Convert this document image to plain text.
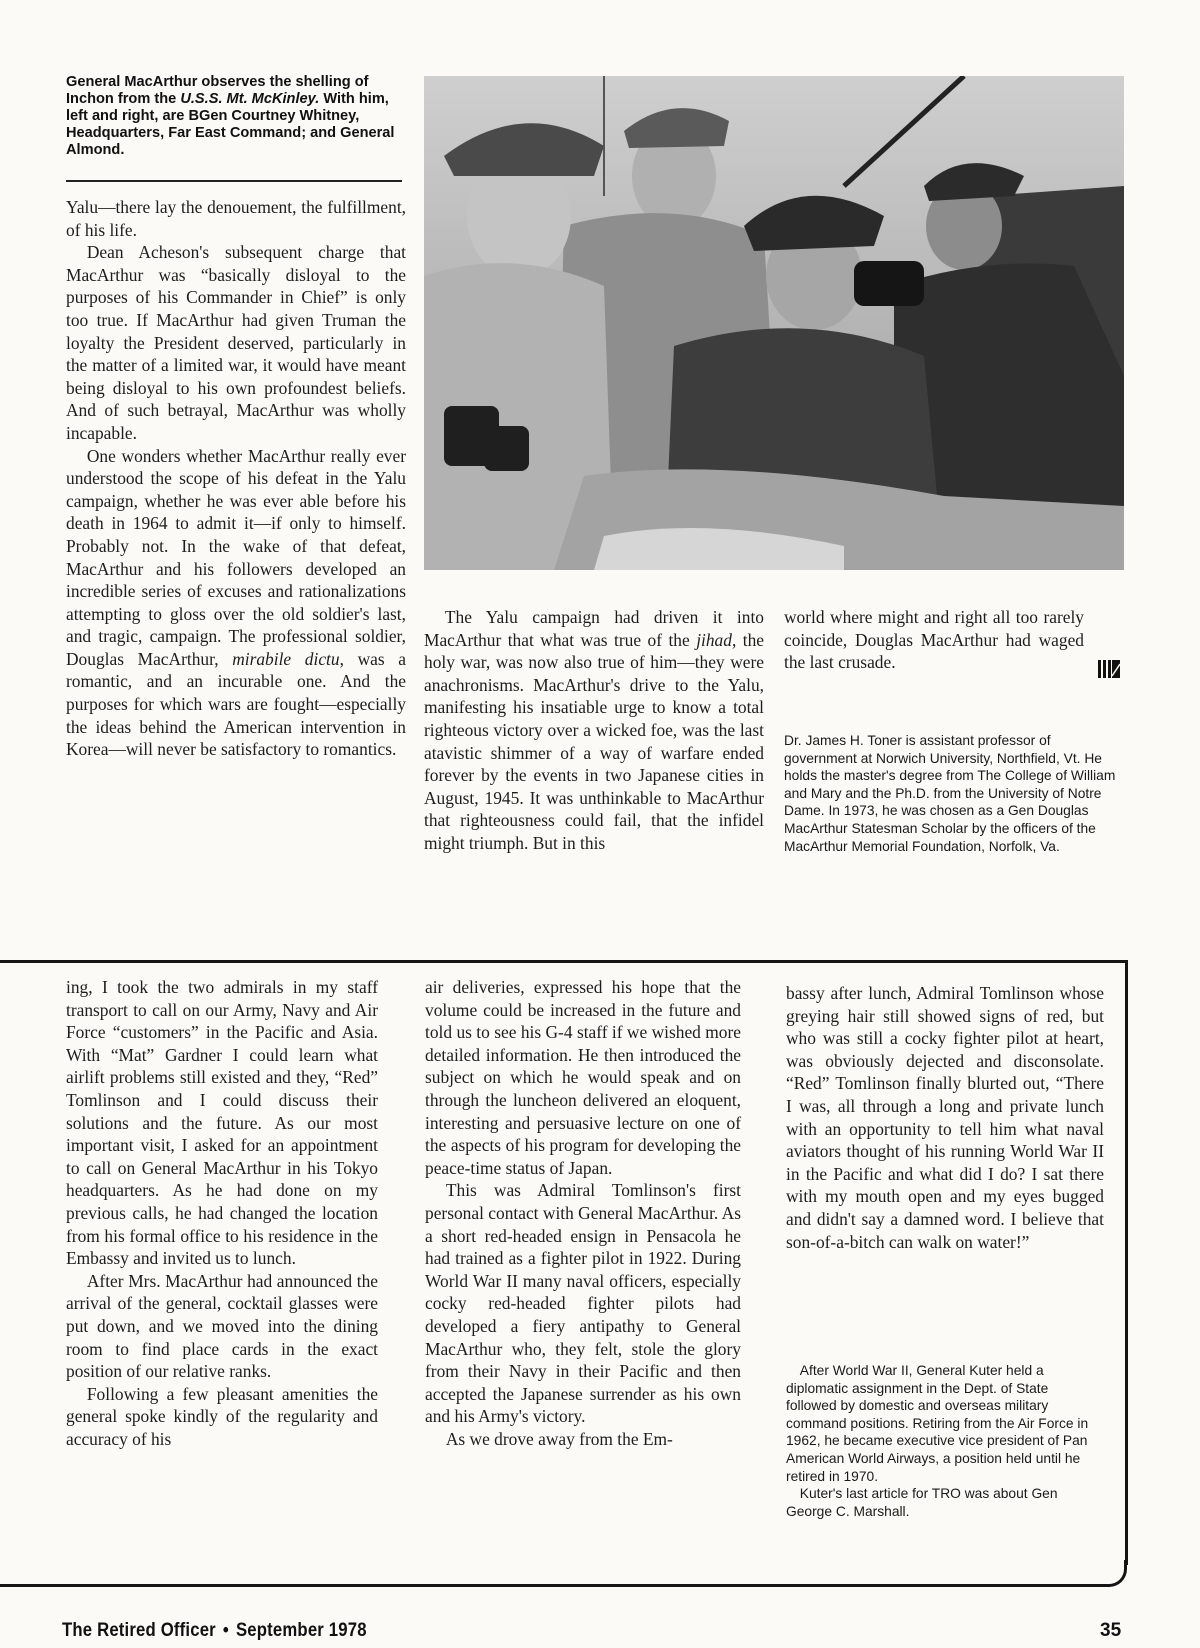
General MacArthur observes the shelling of Inchon from the U.S.S. Mt. McKinley. With him, left and right, are BGen Courtney Whitney, Headquarters, Far East Command; and General Almond.

Yalu—there lay the denouement, the fulfillment, of his life.

Dean Acheson's subsequent charge that MacArthur was “basically disloyal to the purposes of his Commander in Chief” is only too true. If MacArthur had given Truman the loyalty the President deserved, particularly in the matter of a limited war, it would have meant being disloyal to his own profoundest beliefs. And of such betrayal, MacArthur was wholly incapable.

One wonders whether MacArthur really ever understood the scope of his defeat in the Yalu campaign, whether he was ever able before his death in 1964 to admit it—if only to himself. Probably not. In the wake of that defeat, MacArthur and his followers developed an incredible series of excuses and rationalizations attempting to gloss over the old soldier's last, and tragic, campaign. The professional soldier, Douglas MacArthur, mirabile dictu, was a romantic, and an incurable one. And the purposes for which wars are fought—especially the ideas behind the American intervention in Korea—will never be satisfactory to romantics.

The Yalu campaign had driven it into MacArthur that what was true of the jihad, the holy war, was now also true of him—they were anachronisms. MacArthur's drive to the Yalu, manifesting his insatiable urge to know a total righteous victory over a wicked foe, was the last atavistic shimmer of a way of warfare ended forever by the events in two Japanese cities in August, 1945. It was unthinkable to MacArthur that righteousness could fail, that the infidel might triumph. But in this

world where might and right all too rarely coincide, Douglas MacArthur had waged the last crusade.

Dr. James H. Toner is assistant professor of government at Norwich University, Northfield, Vt. He holds the master's degree from The College of William and Mary and the Ph.D. from the University of Notre Dame. In 1973, he was chosen as a Gen Douglas MacArthur Statesman Scholar by the officers of the MacArthur Memorial Foundation, Norfolk, Va.

ing, I took the two admirals in my staff transport to call on our Army, Navy and Air Force “customers” in the Pacific and Asia. With “Mat” Gardner I could learn what airlift problems still existed and they, “Red” Tomlinson and I could discuss their solutions and the future. As our most important visit, I asked for an appointment to call on General MacArthur in his Tokyo headquarters. As he had done on my previous calls, he had changed the location from his formal office to his residence in the Embassy and invited us to lunch.

After Mrs. MacArthur had announced the arrival of the general, cocktail glasses were put down, and we moved into the dining room to find place cards in the exact position of our relative ranks.

Following a few pleasant amenities the general spoke kindly of the regularity and accuracy of his

air deliveries, expressed his hope that the volume could be increased in the future and told us to see his G-4 staff if we wished more detailed information. He then introduced the subject on which he would speak and on through the luncheon delivered an eloquent, interesting and persuasive lecture on one of the aspects of his program for developing the peace-time status of Japan.

This was Admiral Tomlinson's first personal contact with General MacArthur. As a short red-headed ensign in Pensacola he had trained as a fighter pilot in 1922. During World War II many naval officers, especially cocky red-headed fighter pilots had developed a fiery antipathy to General MacArthur who, they felt, stole the glory from their Navy in their Pacific and then accepted the Japanese surrender as his own and his Army's victory.

As we drove away from the Em-

bassy after lunch, Admiral Tomlinson whose greying hair still showed signs of red, but who was still a cocky fighter pilot at heart, was obviously dejected and disconsolate. “Red” Tomlinson finally blurted out, “There I was, all through a long and private lunch with an opportunity to tell him what naval aviators thought of his running World War II in the Pacific and what did I do? I sat there with my mouth open and my eyes bugged and didn't say a damned word. I believe that son-of-a-bitch can walk on water!”

After World War II, General Kuter held a diplomatic assignment in the Dept. of State followed by domestic and overseas military command positions. Retiring from the Air Force in 1962, he became executive vice president of Pan American World Airways, a position held until he retired in 1970.

Kuter's last article for TRO was about Gen George C. Marshall.

The Retired Officer • September 1978	35
